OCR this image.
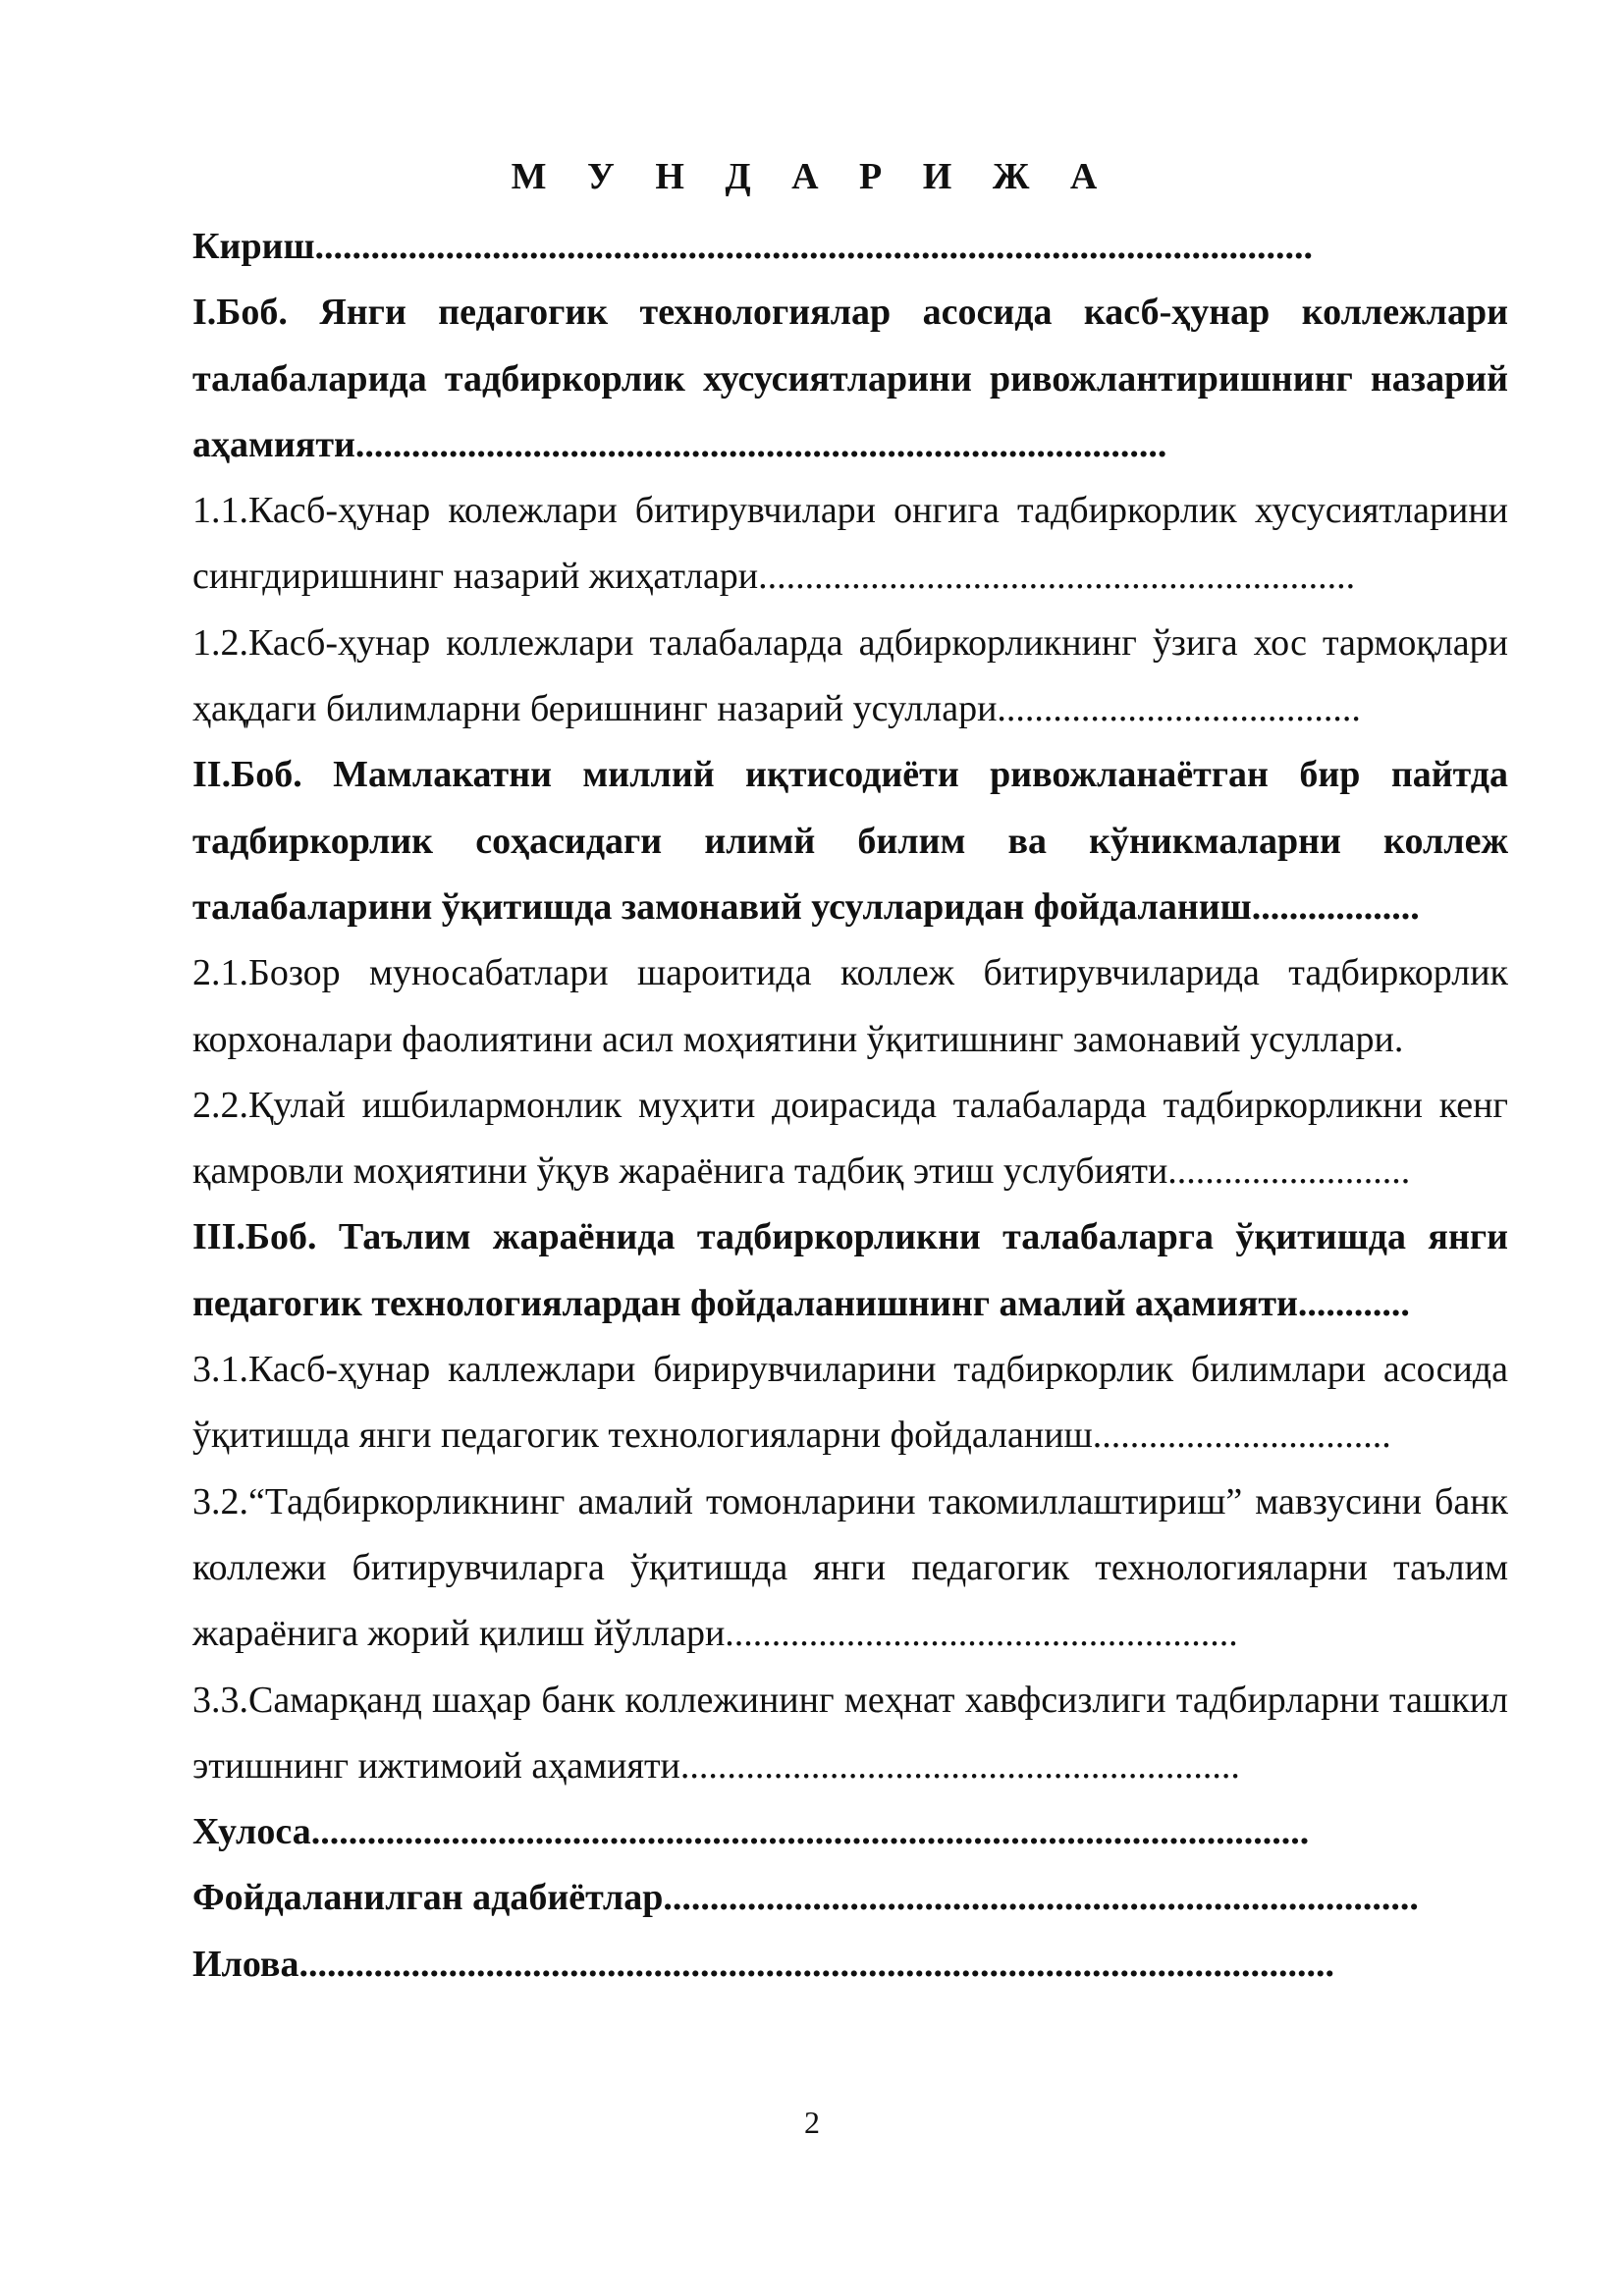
М У Н Д А Р И Ж А

Кириш...........................................................................................................

I.Боб. Янги педагогик технологиялар асосида касб-ҳунар коллежлари талабаларида тадбиркорлик хусусиятларини ривожлантиришнинг назарий аҳамияти.......................................................................................

1.1.Касб-ҳунар колежлари битирувчилари онгига тадбиркорлик хусусиятларини сингдиришнинг назарий жиҳатлари................................................................

1.2.Касб-ҳунар коллежлари талабаларда адбиркорликнинг ўзига хос тармоқлари ҳақдаги билимларни беришнинг назарий усуллари.......................................

II.Боб. Мамлакатни миллий иқтисодиёти ривожланаётган бир пайтда тадбиркорлик соҳасидаги илимй билим ва кўникмаларни коллеж талабаларини ўқитишда замонавий усулларидан фойдаланиш..................

2.1.Бозор муносабатлари шароитида коллеж битирувчиларида тадбиркорлик корхоналари фаолиятини асил моҳиятини ўқитишнинг замонавий усуллари.

2.2.Қулай ишбилармонлик муҳити доирасида талабаларда тадбиркорликни кенг қамровли моҳиятини ўқув жараёнига тадбиқ этиш услубияти..........................

III.Боб. Таълим жараёнида тадбиркорликни талабаларга ўқитишда янги педагогик технологиялардан фойдаланишнинг амалий аҳамияти............

3.1.Касб-ҳунар каллежлари бирирувчиларини тадбиркорлик билимлари асосида ўқитишда янги педагогик технологияларни фойдаланиш................................

3.2.“Тадбиркорликнинг амалий томонларини такомиллаштириш” мавзусини банк коллежи битирувчиларга ўқитишда янги педагогик технологияларни таълим жараёнига жорий қилиш йўллари.......................................................

3.3.Самарқанд шаҳар банк коллежининг меҳнат хавфсизлиги тадбирларни ташкил этишнинг ижтимоий аҳамияти............................................................

Хулоса...........................................................................................................

Фойдаланилган адабиётлар.................................................................................

Илова...............................................................................................................

2
